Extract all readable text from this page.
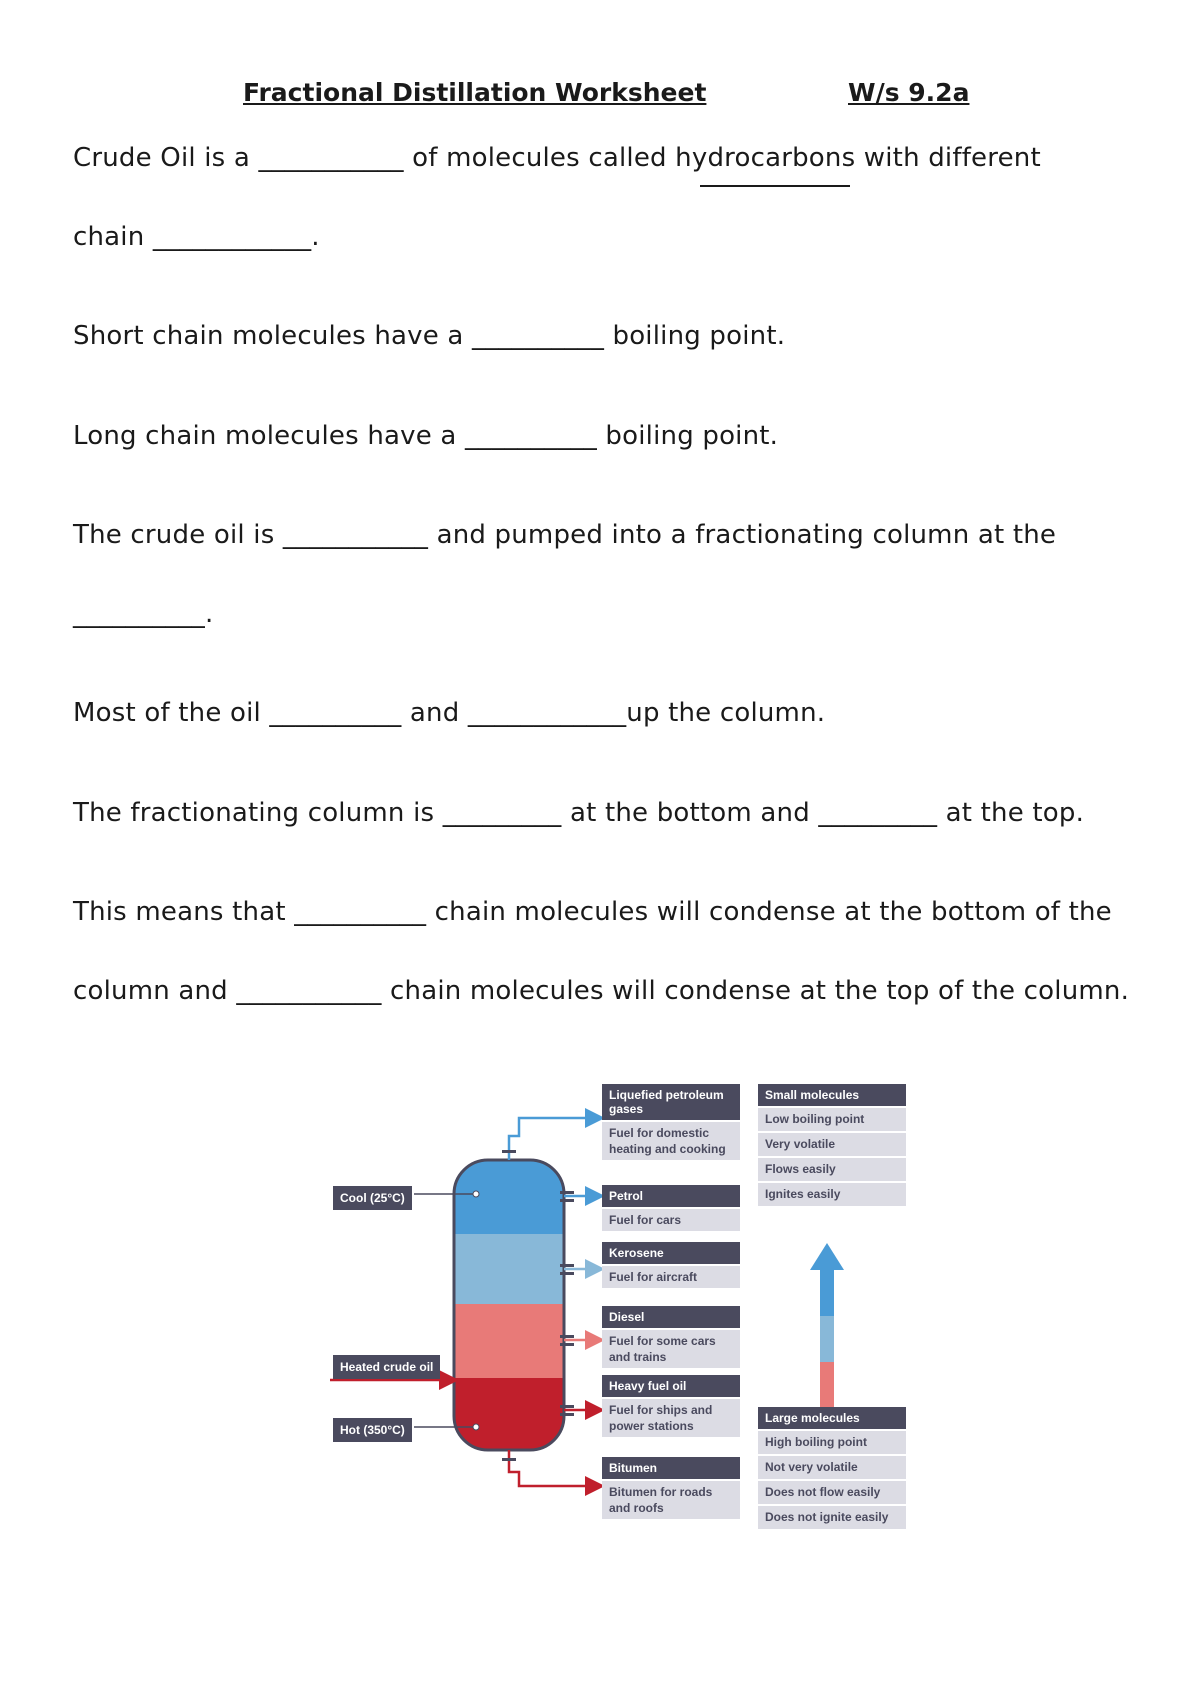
Fractional Distillation Worksheet	W/s 9.2a
Crude Oil is a ___________ of molecules called hydrocarbons with different
chain ____________.
Short chain molecules have a __________ boiling point.
Long chain molecules have a __________ boiling point.
The crude oil is ___________ and pumped into a fractionating column at the
__________.
Most of the oil __________ and ____________up the column.
The fractionating column is _________ at the bottom and _________ at the top.
This means that __________ chain molecules will condense at the bottom of the
column and ___________ chain molecules will condense at the top of the column.
Cool (25°C)
Heated crude oil
Hot (350°C)
Liquefied petroleum gases
Fuel for domestic heating and cooking
Petrol
Fuel for cars
Kerosene
Fuel for aircraft
Diesel
Fuel for some cars and trains
Heavy fuel oil
Fuel for ships and power stations
Bitumen
Bitumen for roads and roofs
Small molecules
Low boiling point
Very volatile
Flows easily
Ignites easily
Large molecules
High boiling point
Not very volatile
Does not flow easily
Does not ignite easily
